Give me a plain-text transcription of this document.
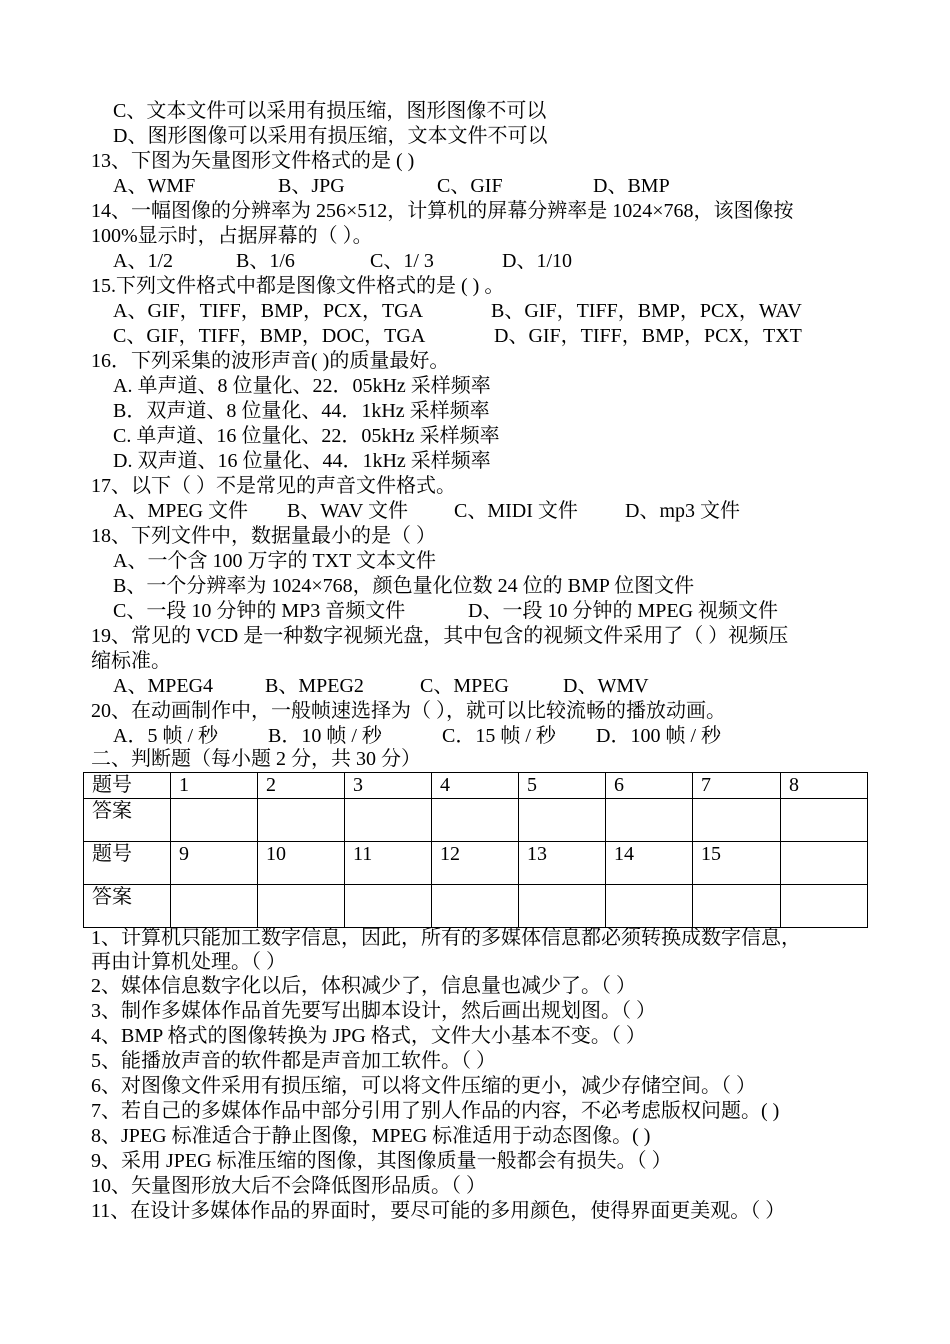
C、文本文件可以采用有损压缩，图形图像不可以
D、图形图像可以采用有损压缩，文本文件不可以
13、下图为矢量图形文件格式的是 ( )
A、WMF	B、JPG	C、GIF	D、BMP
14、一幅图像的分辨率为 256×512，计算机的屏幕分辨率是 1024×768，该图像按
100%显示时，占据屏幕的（ ）。
A、1/2	B、1/6	C、1/ 3	D、1/10
15.下列文件格式中都是图像文件格式的是 ( ) 。
A、GIF，TIFF，BMP，PCX，TGA	B、GIF，TIFF，BMP，PCX，WAV
C、GIF，TIFF，BMP，DOC，TGA	D、GIF，TIFF，BMP，PCX，TXT
16．下列采集的波形声音( )的质量最好。
A. 单声道、8 位量化、22．05kHz 采样频率
B．双声道、8 位量化、44．1kHz 采样频率
C. 单声道、16 位量化、22．05kHz 采样频率
D. 双声道、16 位量化、44．1kHz 采样频率
17、以下（ ）不是常见的声音文件格式。
A、MPEG 文件 B、WAV 文件 C、MIDI 文件 D、mp3 文件
18、下列文件中，数据量最小的是（ ）
A、一个含 100 万字的 TXT 文本文件
B、一个分辨率为 1024×768，颜色量化位数 24 位的 BMP 位图文件
C、一段 10 分钟的 MP3 音频文件	D、一段 10 分钟的 MPEG 视频文件
19、常见的 VCD 是一种数字视频光盘，其中包含的视频文件采用了（ ）视频压
缩标准。
A、MPEG4	B、MPEG2	C、MPEG	D、WMV
20、在动画制作中，一般帧速选择为（ ），就可以比较流畅的播放动画。
A．5 帧 / 秒	B．10 帧 / 秒	C．15 帧 / 秒 D．100 帧 / 秒
二、判断题（每小题 2 分，共 30 分）
题号	1	2	3	4	5	6	7	8
答案								
题号	9	10	11	12	13	14	15	
答案								
1、计算机只能加工数字信息，因此，所有的多媒体信息都必须转换成数字信息，
再由计算机处理。（ ）
2、媒体信息数字化以后，体积减少了，信息量也减少了。（ ）
3、制作多媒体作品首先要写出脚本设计，然后画出规划图。（ ）
4、BMP 格式的图像转换为 JPG 格式，文件大小基本不变。（ ）
5、能播放声音的软件都是声音加工软件。（ ）
6、对图像文件采用有损压缩，可以将文件压缩的更小，减少存储空间。（ ）
7、若自己的多媒体作品中部分引用了别人作品的内容，不必考虑版权问题。( )
8、JPEG 标准适合于静止图像，MPEG 标准适用于动态图像。( )
9、采用 JPEG 标准压缩的图像，其图像质量一般都会有损失。（ ）
10、矢量图形放大后不会降低图形品质。（ ）
11、在设计多媒体作品的界面时，要尽可能的多用颜色，使得界面更美观。（ ）
